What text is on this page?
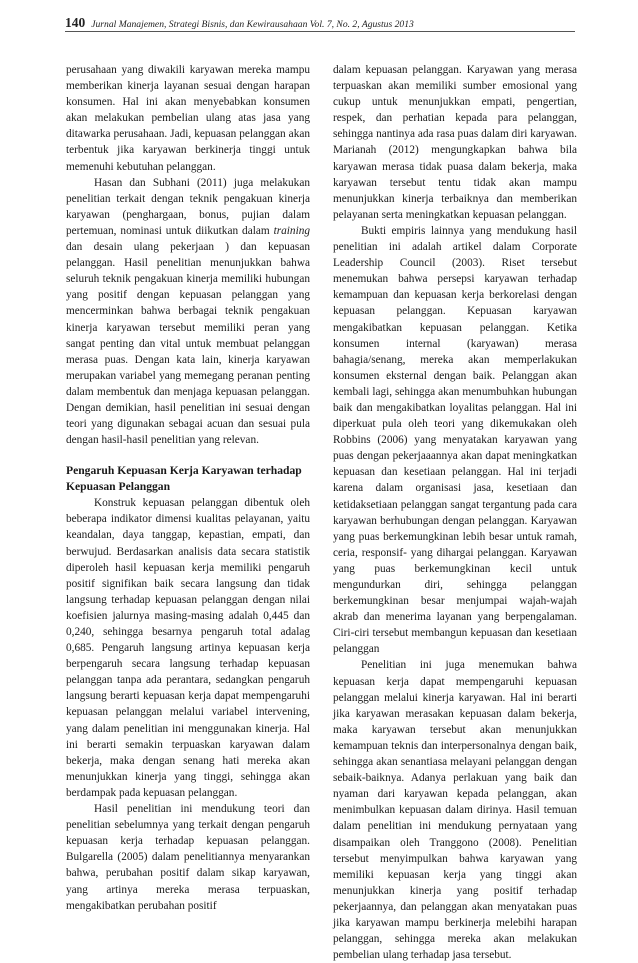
140 Jurnal Manajemen, Strategi Bisnis, dan Kewirausahaan Vol. 7, No. 2, Agustus 2013

perusahaan yang diwakili karyawan mereka mampu memberikan kinerja layanan sesuai dengan harapan konsumen. Hal ini akan menyebabkan konsumen akan melakukan pembelian ulang atas jasa yang ditawarka perusahaan. Jadi, kepuasan pelanggan akan terbentuk jika karyawan berkinerja tinggi untuk memenuhi kebutuhan pelanggan.

Hasan dan Subhani (2011) juga melakukan penelitian terkait dengan teknik pengakuan kinerja karyawan (penghargaan, bonus, pujian dalam pertemuan, nominasi untuk diikutkan dalam training dan desain ulang pekerjaan ) dan kepuasan pelanggan. Hasil penelitian menunjukkan bahwa seluruh teknik pengakuan kinerja memiliki hubungan yang positif dengan kepuasan pelanggan yang mencerminkan bahwa berbagai teknik pengakuan kinerja karyawan tersebut memiliki peran yang sangat penting dan vital untuk membuat pelanggan merasa puas. Dengan kata lain, kinerja karyawan merupakan variabel yang memegang peranan penting dalam membentuk dan menjaga kepuasan pelanggan. Dengan demikian, hasil penelitian ini sesuai dengan teori yang digunakan sebagai acuan dan sesuai pula dengan hasil-hasil penelitian yang relevan.

Pengaruh Kepuasan Kerja Karyawan terhadap Kepuasan Pelanggan

Konstruk kepuasan pelanggan dibentuk oleh beberapa indikator dimensi kualitas pelayanan, yaitu keandalan, daya tanggap, kepastian, empati, dan berwujud. Berdasarkan analisis data secara statistik diperoleh hasil kepuasan kerja memiliki pengaruh positif signifikan baik secara langsung dan tidak langsung terhadap kepuasan pelanggan dengan nilai koefisien jalurnya masing-masing adalah 0,445 dan 0,240, sehingga besarnya pengaruh total adalag 0,685. Pengaruh langsung artinya kepuasan kerja berpengaruh secara langsung terhadap kepuasan pelanggan tanpa ada perantara, sedangkan pengaruh langsung berarti kepuasan kerja dapat mempengaruhi kepuasan pelanggan melalui variabel intervening, yang dalam penelitian ini menggunakan kinerja. Hal ini berarti semakin terpuaskan karyawan dalam bekerja, maka dengan senang hati mereka akan menunjukkan kinerja yang tinggi, sehingga akan berdampak pada kepuasan pelanggan.

Hasil penelitian ini mendukung teori dan penelitian sebelumnya yang terkait dengan pengaruh kepuasan kerja terhadap kepuasan pelanggan. Bulgarella (2005) dalam penelitiannya menyarankan bahwa, perubahan positif dalam sikap karyawan, yang artinya mereka merasa terpuaskan, mengakibatkan perubahan positif

dalam kepuasan pelanggan. Karyawan yang merasa terpuaskan akan memiliki sumber emosional yang cukup untuk menunjukkan empati, pengertian, respek, dan perhatian kepada para pelanggan, sehingga nantinya ada rasa puas dalam diri karyawan. Marianah (2012) mengungkapkan bahwa bila karyawan merasa tidak puasa dalam bekerja, maka karyawan tersebut tentu tidak akan mampu menunjukkan kinerja terbaiknya dan memberikan pelayanan serta meningkatkan kepuasan pelanggan.

Bukti empiris lainnya yang mendukung hasil penelitian ini adalah artikel dalam Corporate Leadership Council (2003). Riset tersebut menemukan bahwa persepsi karyawan terhadap kemampuan dan kepuasan kerja berkorelasi dengan kepuasan pelanggan. Kepuasan karyawan mengakibatkan kepuasan pelanggan. Ketika konsumen internal (karyawan) merasa bahagia/senang, mereka akan memperlakukan konsumen eksternal dengan baik. Pelanggan akan kembali lagi, sehingga akan menumbuhkan hubungan baik dan mengakibatkan loyalitas pelanggan. Hal ini diperkuat pula oleh teori yang dikemukakan oleh Robbins (2006) yang menyatakan karyawan yang puas dengan pekerjaaannya akan dapat meningkatkan kepuasan dan kesetiaan pelanggan. Hal ini terjadi karena dalam organisasi jasa, kesetiaan dan ketidaksetiaan pelanggan sangat tergantung pada cara karyawan berhubungan dengan pelanggan. Karyawan yang puas berkemungkinan lebih besar untuk ramah, ceria, responsif- yang dihargai pelanggan. Karyawan yang puas berkemungkinan kecil untuk mengundurkan diri, sehingga pelanggan berkemungkinan besar menjumpai wajah-wajah akrab dan menerima layanan yang berpengalaman. Ciri-ciri tersebut membangun kepuasan dan kesetiaan pelanggan

Penelitian ini juga menemukan bahwa kepuasan kerja dapat mempengaruhi kepuasan pelanggan melalui kinerja karyawan. Hal ini berarti jika karyawan merasakan kepuasan dalam bekerja, maka karyawan tersebut akan menunjukkan kemampuan teknis dan interpersonalnya dengan baik, sehingga akan senantiasa melayani pelanggan dengan sebaik-baiknya. Adanya perlakuan yang baik dan nyaman dari karyawan kepada pelanggan, akan menimbulkan kepuasan dalam dirinya. Hasil temuan dalam penelitian ini mendukung pernyataan yang disampaikan oleh Tranggono (2008). Penelitian tersebut menyimpulkan bahwa karyawan yang memiliki kepuasan kerja yang tinggi akan menunjukkan kinerja yang positif terhadap pekerjaannya, dan pelanggan akan menyatakan puas jika karyawan mampu berkinerja melebihi harapan pelanggan, sehingga mereka akan melakukan pembelian ulang terhadap jasa tersebut.
